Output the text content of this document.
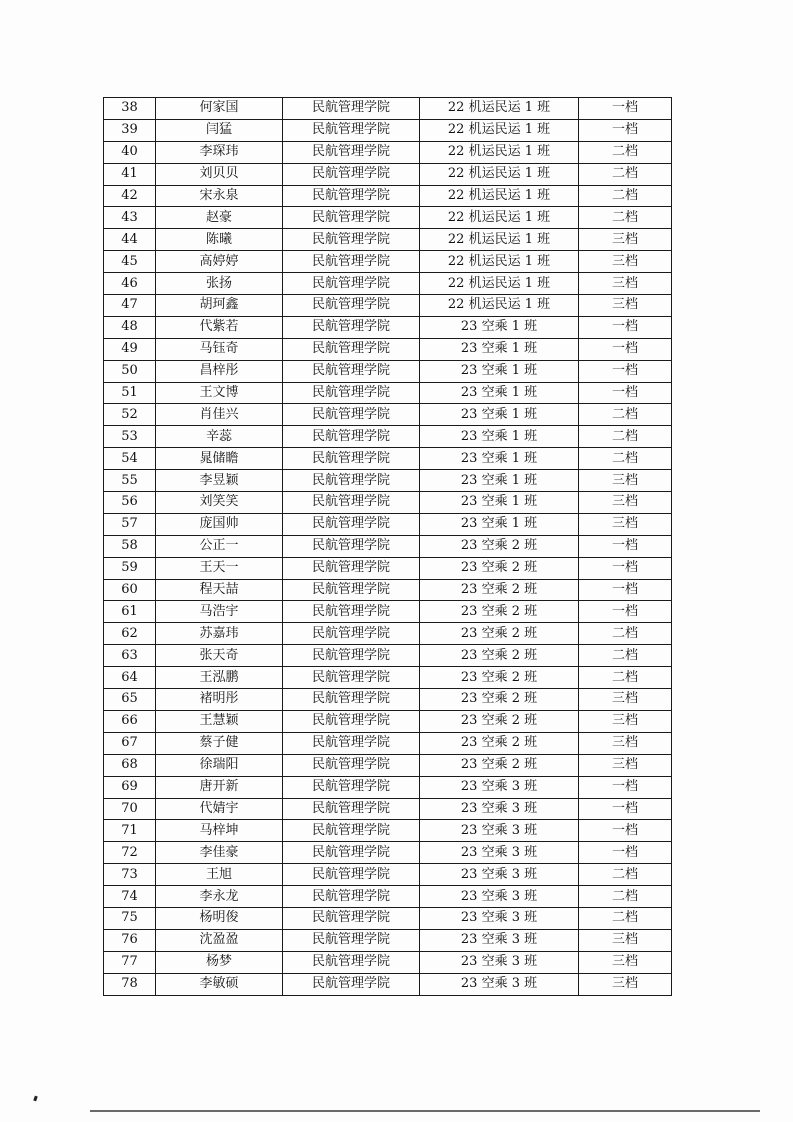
38	何家国	民航管理学院	22 机运民运 1 班	一档
39	闫猛	民航管理学院	22 机运民运 1 班	一档
40	李琛玮	民航管理学院	22 机运民运 1 班	二档
41	刘贝贝	民航管理学院	22 机运民运 1 班	二档
42	宋永泉	民航管理学院	22 机运民运 1 班	二档
43	赵豪	民航管理学院	22 机运民运 1 班	二档
44	陈曦	民航管理学院	22 机运民运 1 班	三档
45	高婷婷	民航管理学院	22 机运民运 1 班	三档
46	张扬	民航管理学院	22 机运民运 1 班	三档
47	胡珂鑫	民航管理学院	22 机运民运 1 班	三档
48	代紫若	民航管理学院	23 空乘 1 班	一档
49	马钰奇	民航管理学院	23 空乘 1 班	一档
50	昌梓彤	民航管理学院	23 空乘 1 班	一档
51	王文博	民航管理学院	23 空乘 1 班	一档
52	肖佳兴	民航管理学院	23 空乘 1 班	二档
53	辛蕊	民航管理学院	23 空乘 1 班	二档
54	晁储瞻	民航管理学院	23 空乘 1 班	二档
55	李昱颖	民航管理学院	23 空乘 1 班	三档
56	刘笑笑	民航管理学院	23 空乘 1 班	三档
57	庞国帅	民航管理学院	23 空乘 1 班	三档
58	公正一	民航管理学院	23 空乘 2 班	一档
59	王天一	民航管理学院	23 空乘 2 班	一档
60	程天喆	民航管理学院	23 空乘 2 班	一档
61	马浩宇	民航管理学院	23 空乘 2 班	一档
62	苏嘉玮	民航管理学院	23 空乘 2 班	二档
63	张天奇	民航管理学院	23 空乘 2 班	二档
64	王泓鹏	民航管理学院	23 空乘 2 班	二档
65	褚明彤	民航管理学院	23 空乘 2 班	三档
66	王慧颖	民航管理学院	23 空乘 2 班	三档
67	蔡子健	民航管理学院	23 空乘 2 班	三档
68	徐瑞阳	民航管理学院	23 空乘 2 班	三档
69	唐开新	民航管理学院	23 空乘 3 班	一档
70	代婧宇	民航管理学院	23 空乘 3 班	一档
71	马梓坤	民航管理学院	23 空乘 3 班	一档
72	李佳豪	民航管理学院	23 空乘 3 班	一档
73	王旭	民航管理学院	23 空乘 3 班	二档
74	李永龙	民航管理学院	23 空乘 3 班	二档
75	杨明俊	民航管理学院	23 空乘 3 班	二档
76	沈盈盈	民航管理学院	23 空乘 3 班	三档
77	杨梦	民航管理学院	23 空乘 3 班	三档
78	李敏硕	民航管理学院	23 空乘 3 班	三档
